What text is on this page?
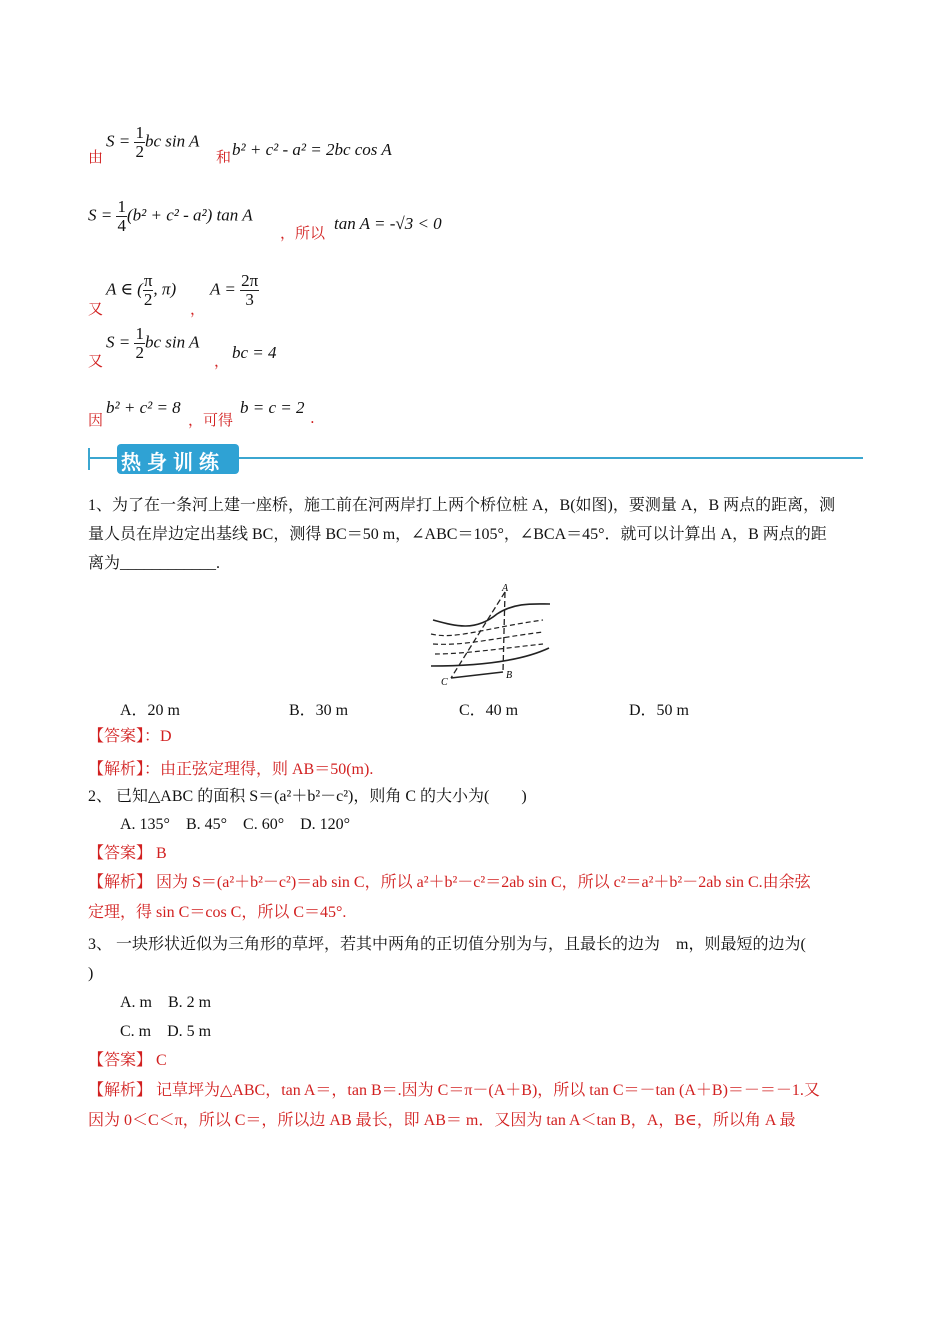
由
$S = \frac{1}{2}$ bc sin A
和 b² + c² - a² = 2bc cos A
$S = \frac{1}{4} (b^2 + c^2 - a^2)$ tan A
，所以 tan A = -√3 < 0
又
A ∈ ( $\frac{\pi}{2}$ , π)
，
$A = \frac{2\pi}{3}$
又
$S = \frac{1}{2}$ bc sin A
， bc = 4
因
b² + c² = 8
，可得
b = c = 2
.
热身训练
1、为了在一条河上建一座桥，施工前在河两岸打上两个桥位桩 A，B(如图)，要测量 A，B 两点的距离，测
量人员在岸边定出基线 BC，测得 BC＝50 m，∠ABC＝105°，∠BCA＝45°．就可以计算出 A，B 两点的距
离为____________.
A
B
C
A．20 m	B．30 m	C．40 m	D．50 m
【答案】：D
【解析】：由正弦定理得，则 AB＝50(m).
2、 已知△ABC 的面积 S＝(a²＋b²－c²)，则角 C 的大小为(　　)
A. 135°　B. 45°　C. 60°　D. 120°
【答案】 B
【解析】 因为 S＝(a²＋b²－c²)＝ab sin C，所以 a²＋b²－c²＝2ab sin C，所以 c²＝a²＋b²－2ab sin C.由余弦
定理，得 sin C＝cos C，所以 C＝45°.
3、 一块形状近似为三角形的草坪，若其中两角的正切值分别为与，且最长的边为　m，则最短的边为(
)
A. m　B. 2 m
C. m　D. 5 m
【答案】 C
【解析】 记草坪为△ABC，tan A＝，tan B＝.因为 C＝π－(A＋B)，所以 tan C＝－tan (A＋B)＝－＝－1.又
因为 0＜C＜π，所以 C＝，所以边 AB 最长，即 AB＝ m．又因为 tan A＜tan B，A，B∈，所以角 A 最
